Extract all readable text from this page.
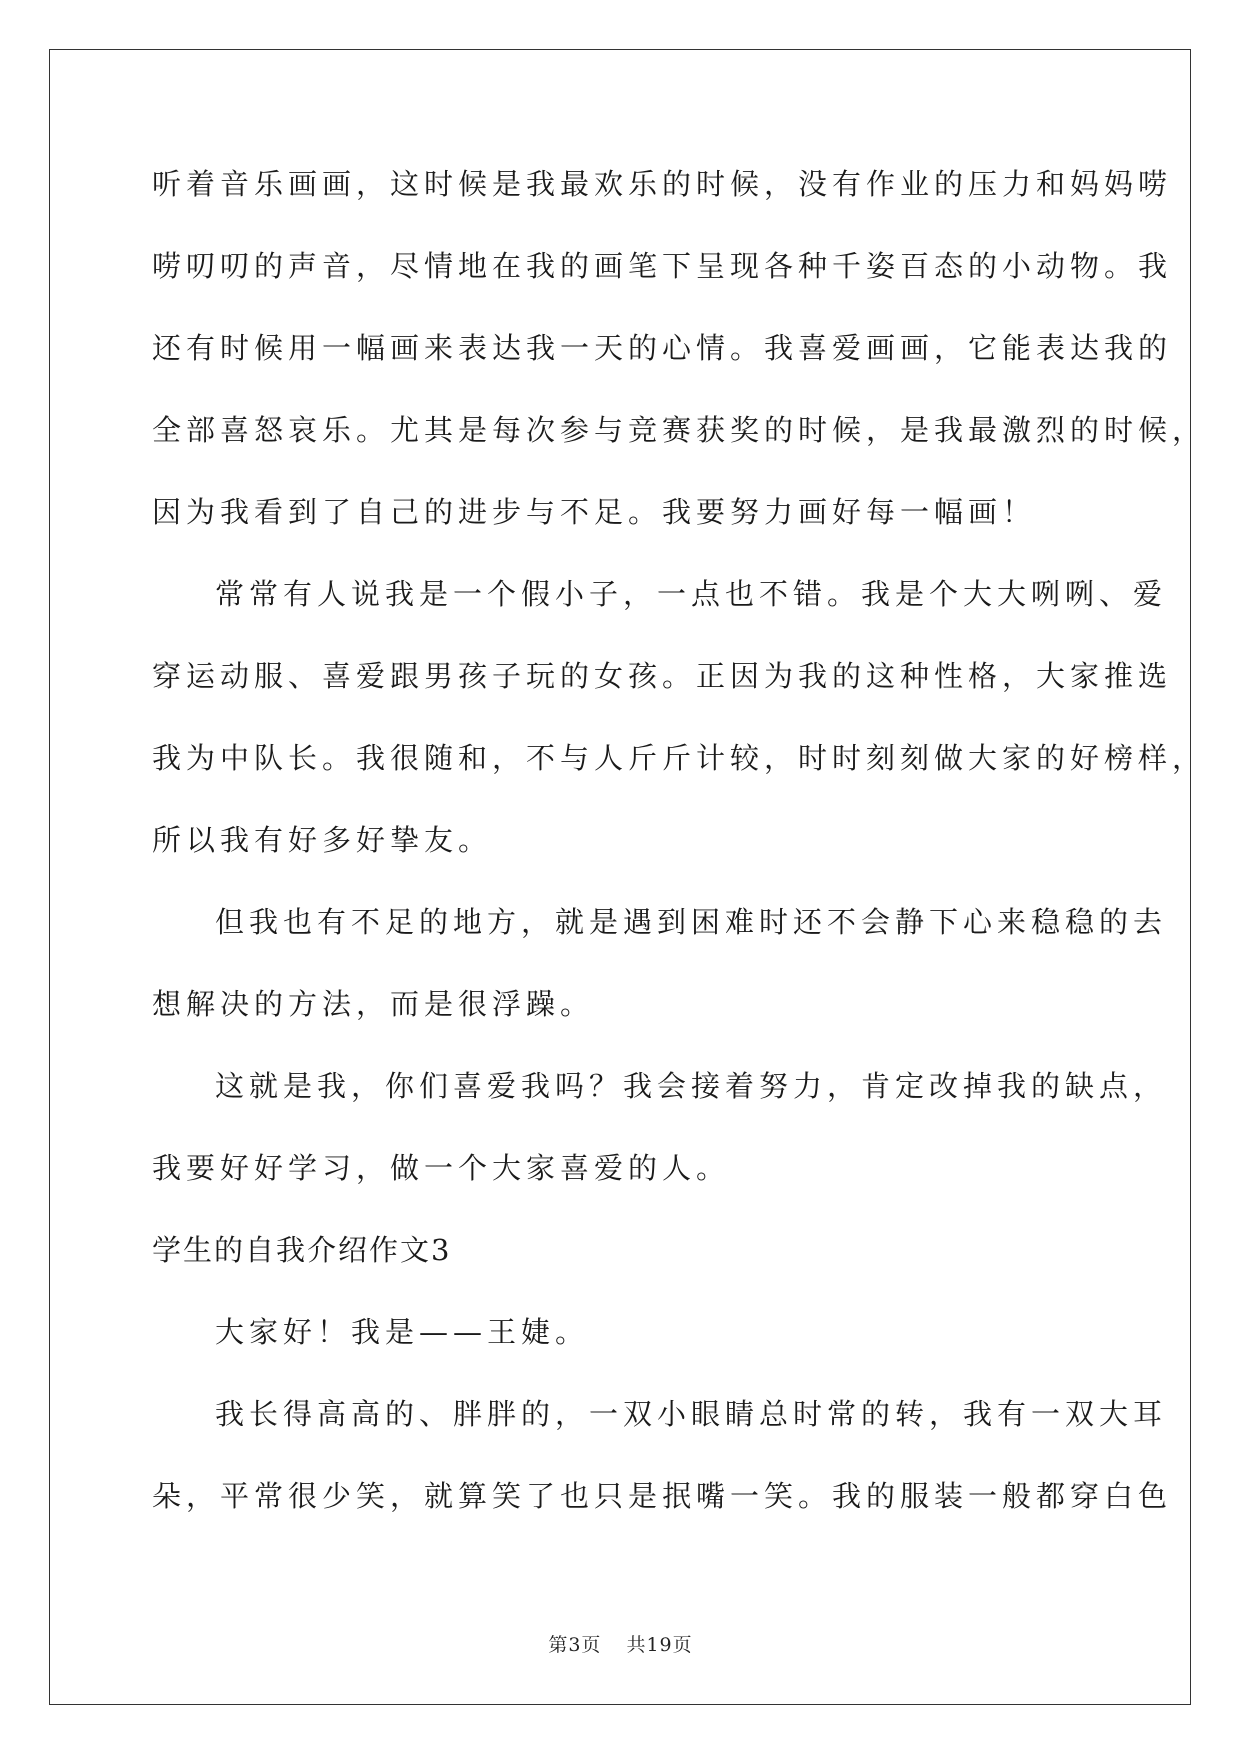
听着音乐画画，这时候是我最欢乐的时候，没有作业的压力和妈妈唠
唠叨叨的声音，尽情地在我的画笔下呈现各种千姿百态的小动物。我
还有时候用一幅画来表达我一天的心情。我喜爱画画，它能表达我的
全部喜怒哀乐。尤其是每次参与竞赛获奖的时候，是我最激烈的时候，
因为我看到了自己的进步与不足。我要努力画好每一幅画！
常常有人说我是一个假小子，一点也不错。我是个大大咧咧、爱
穿运动服、喜爱跟男孩子玩的女孩。正因为我的这种性格，大家推选
我为中队长。我很随和，不与人斤斤计较，时时刻刻做大家的好榜样，
所以我有好多好挚友。
但我也有不足的地方，就是遇到困难时还不会静下心来稳稳的去
想解决的方法，而是很浮躁。
这就是我，你们喜爱我吗？我会接着努力，肯定改掉我的缺点，
我要好好学习，做一个大家喜爱的人。
学生的自我介绍作文3
大家好！我是——王婕。
我长得高高的、胖胖的，一双小眼睛总时常的转，我有一双大耳
朵，平常很少笑，就算笑了也只是抿嘴一笑。我的服装一般都穿白色
第3页 共19页
